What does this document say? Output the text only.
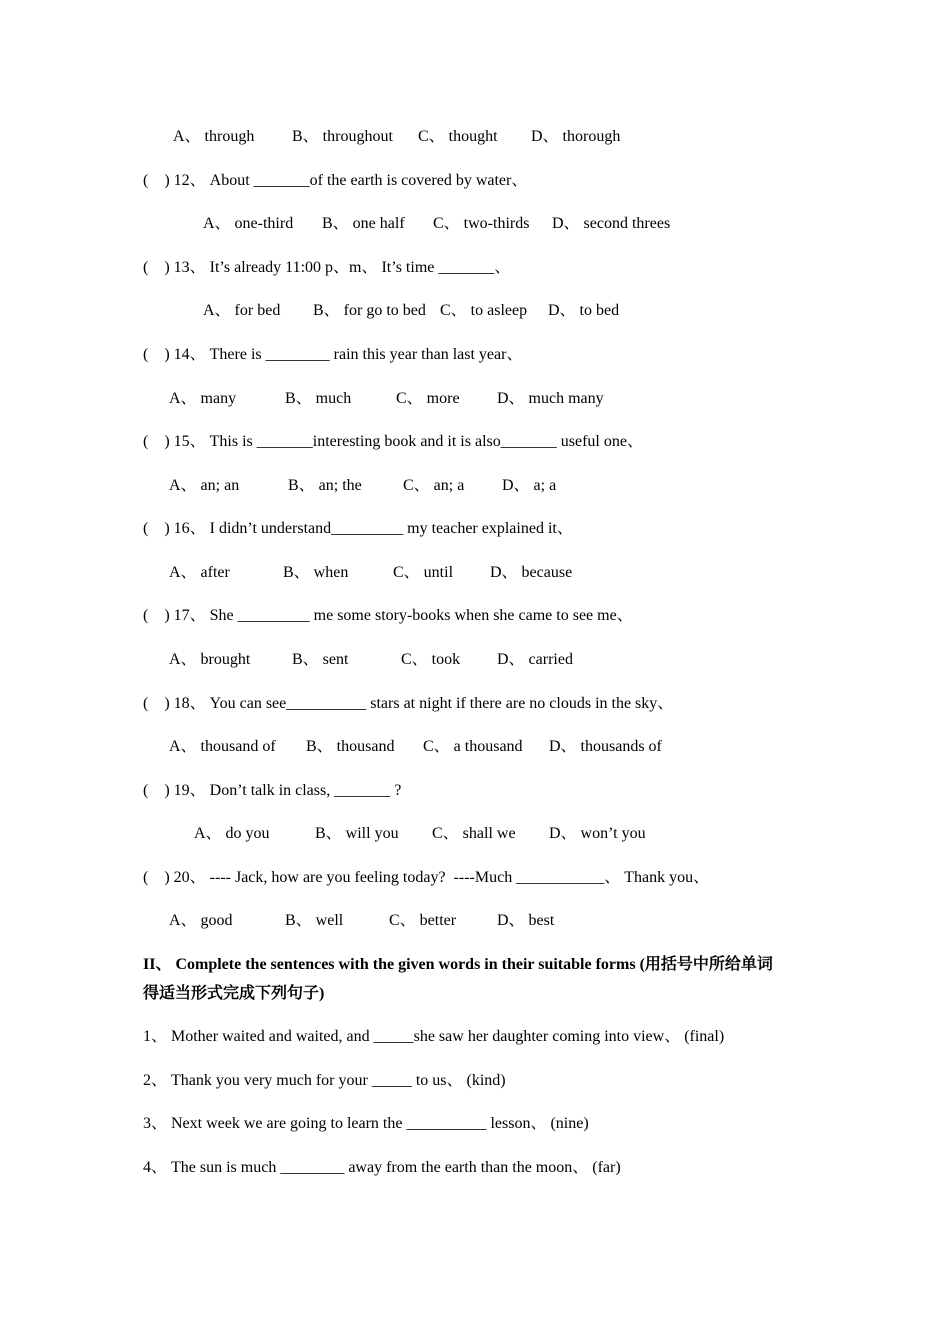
A、 through B、 throughout C、 thought D、 thorough
(    ) 12、 About _______of the earth is covered by water、
A、 one-third B、 one half C、 two-thirds D、 second threes
(    ) 13、 It’s already 11:00 p、m、 It’s time _______、
A、 for bed B、 for go to bed C、 to asleep D、 to bed
(    ) 14、 There is ________ rain this year than last year、
A、 many	B、 much	C、 more D、 much many
(    ) 15、 This is _______interesting book and it is also_______ useful one、
A、 an; an	B、 an; the	C、 an; a D、 a; a
(    ) 16、 I didn’t understand_________ my teacher explained it、
A、 after	B、 when	C、 until D、 because
(    ) 17、 She _________ me some story-books when she came to see me、
A、 brought	B、 sent	C、 took D、 carried
(    ) 18、 You can see__________ stars at night if there are no clouds in the sky、
A、 thousand of B、 thousand C、 a thousand D、 thousands of
(    ) 19、 Don’t talk in class, _______ ?
A、 do you	B、 will you C、 shall we D、 won’t you
(    ) 20、 ---- Jack, how are you feeling today?  ----Much ___________、 Thank you、
A、 good	B、 well	C、 better	D、 best
II、 Complete the sentences with the given words in their suitable forms (用括号中所给单词
得适当形式完成下列句子)
1、 Mother waited and waited, and _____she saw her daughter coming into view、 (final)
2、 Thank you very much for your _____ to us、 (kind)
3、 Next week we are going to learn the __________ lesson、 (nine)
4、 The sun is much ________ away from the earth than the moon、 (far)
